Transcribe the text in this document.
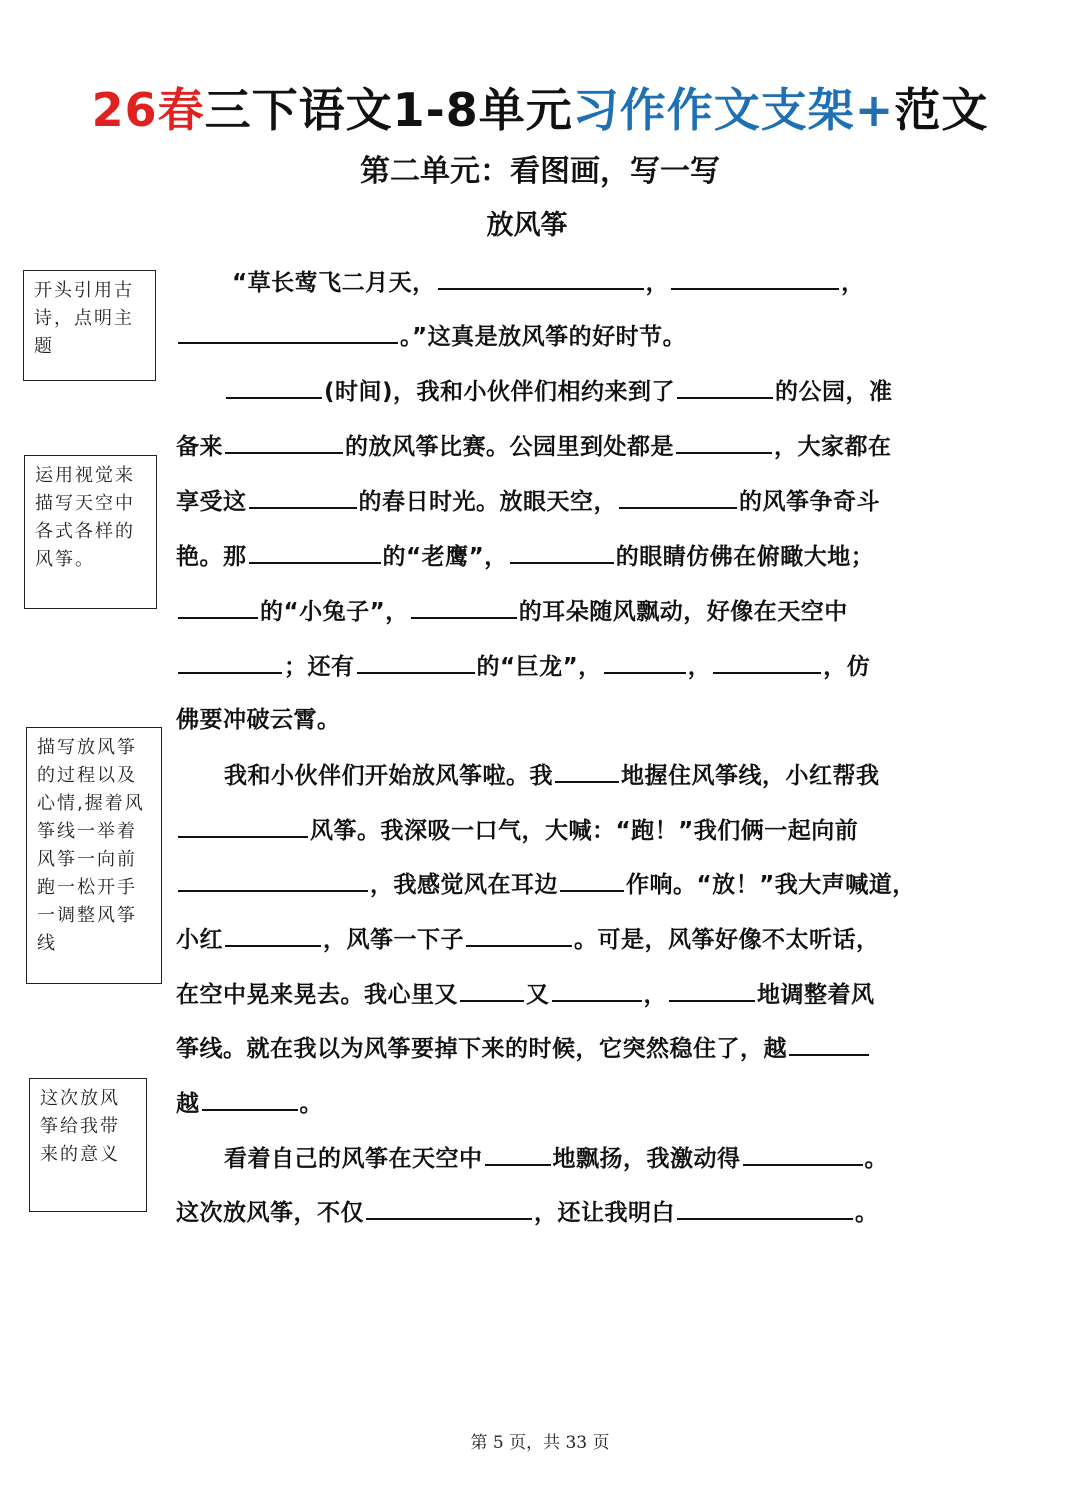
26春三下语文1-8单元习作作文支架+范文
第二单元：看图画，写一写
放风筝
开头引用古诗，点明主题
运用视觉来描写天空中各式各样的风筝。
描写放风筝的过程以及心情,握着风筝线一举着风筝一向前跑一松开手一调整风筝线
这次放风筝给我带来的意义
“草长莺飞二月天，	，	，
。”这真是放风筝的好时节。
(时间)，我和小伙伴们相约来到了	的公园，准
备来	的放风筝比赛。公园里到处都是	，大家都在
享受这	的春日时光。放眼天空，	的风筝争奇斗
艳。那	的“老鹰”，	的眼睛仿佛在俯瞰大地；
的“小兔子”，	的耳朵随风飘动，好像在天空中
；还有	的“巨龙”，	，	，仿
佛要冲破云霄。
我和小伙伴们开始放风筝啦。我	地握住风筝线，小红帮我
风筝。我深吸一口气，大喊：“跑！”我们俩一起向前
，我感觉风在耳边	作响。“放！”我大声喊道，
小红	，风筝一下子	。可是，风筝好像不太听话，
在空中晃来晃去。我心里又	又	，	地调整着风
筝线。就在我以为风筝要掉下来的时候，它突然稳住了，越
越	。
看着自己的风筝在天空中	地飘扬，我激动得	。
这次放风筝，不仅	，还让我明白	。
第 5 页，共 33 页
